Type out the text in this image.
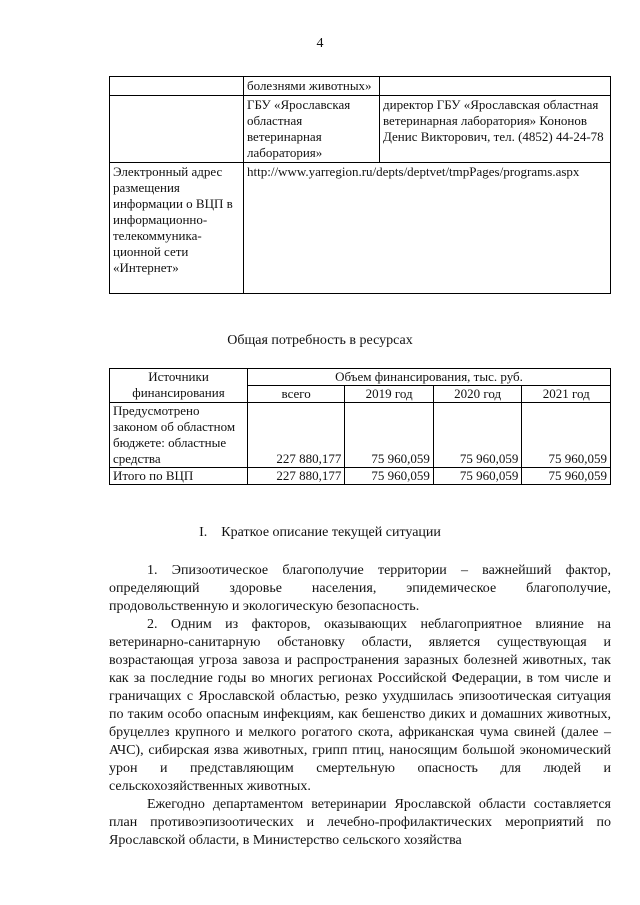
4
	болезнями животных»	
	ГБУ «Ярославская областная ветеринарная лаборатория»	директор ГБУ «Ярославская областная ветеринарная лаборатория» Кононов Денис Викторович, тел. (4852) 44-24-78
Электронный адрес размещения информации о ВЦП в информационно-телекоммуника-ционной сети «Интернет»	http://www.yarregion.ru/depts/deptvet/tmpPages/programs.aspx	
Общая потребность в ресурсах
Источники финансирования	Объем финансирования, тыс. руб.			
	всего	2019 год	2020 год	2021 год
Предусмотрено законом об областном бюджете: областные средства	227 880,177	75 960,059	75 960,059	75 960,059
Итого по ВЦП	227 880,177	75 960,059	75 960,059	75 960,059
I. Краткое описание текущей ситуации

1. Эпизоотическое благополучие территории – важнейший фактор, определяющий здоровье населения, эпидемическое благополучие, продовольственную и экологическую безопасность.

2. Одним из факторов, оказывающих неблагоприятное влияние на ветеринарно-санитарную обстановку области, является существующая и возрастающая угроза завоза и распространения заразных болезней животных, так как за последние годы во многих регионах Российской Федерации, в том числе и граничащих с Ярославской областью, резко ухудшилась эпизоотическая ситуация по таким особо опасным инфекциям, как бешенство диких и домашних животных, бруцеллез крупного и мелкого рогатого скота, африканская чума свиней (далее – АЧС), сибирская язва животных, грипп птиц, наносящим большой экономический урон и представляющим смертельную опасность для людей и сельскохозяйственных животных.

Ежегодно департаментом ветеринарии Ярославской области составляется план противоэпизоотических и лечебно-профилактических мероприятий по Ярославской области, в Министерство сельского хозяйства
